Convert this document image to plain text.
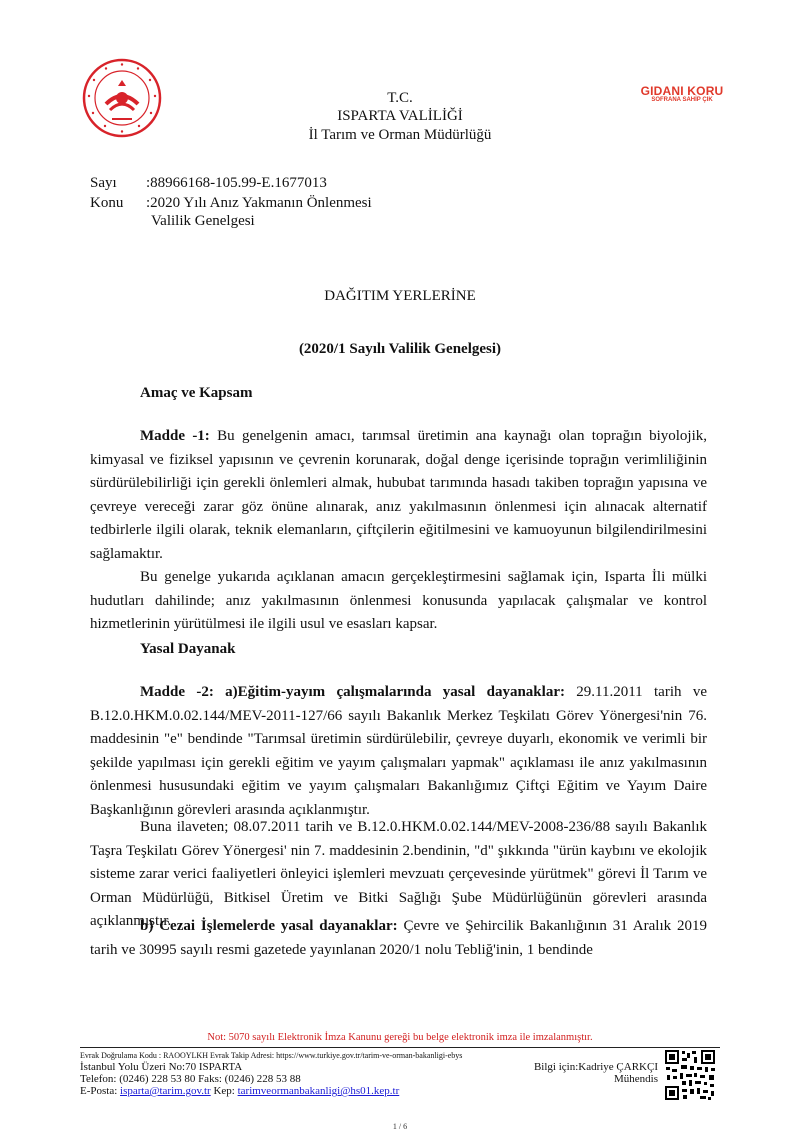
GIDANI KORU
SOFRANA SAHİP ÇIK
T.C.
ISPARTA VALİLİĞİ
İl Tarım ve Orman Müdürlüğü
Sayı :88966168-105.99-E.1677013
Konu :2020 Yılı Anız Yakmanın Önlenmesi
Valilik Genelgesi
DAĞITIM YERLERİNE
(2020/1 Sayılı Valilik Genelgesi)
Amaç ve Kapsam
Madde -1: Bu genelgenin amacı, tarımsal üretimin ana kaynağı olan toprağın biyolojik, kimyasal ve fiziksel yapısının ve çevrenin korunarak, doğal denge içerisinde toprağın verimliliğinin sürdürülebilirliği için gerekli önlemleri almak, hububat tarımında hasadı takiben toprağın yapısına ve çevreye vereceği zarar göz önüne alınarak, anız yakılmasının önlenmesi için alınacak alternatif tedbirlerle ilgili olarak, teknik elemanların, çiftçilerin eğitilmesini ve kamuoyunun bilgilendirilmesini sağlamaktır.
Bu genelge yukarıda açıklanan amacın gerçekleştirmesini sağlamak için, Isparta İli mülki hudutları dahilinde; anız yakılmasının önlenmesi konusunda yapılacak çalışmalar ve kontrol hizmetlerinin yürütülmesi ile ilgili usul ve esasları kapsar.
Yasal Dayanak
Madde -2: a)Eğitim-yayım çalışmalarında yasal dayanaklar: 29.11.2011 tarih ve B.12.0.HKM.0.02.144/MEV-2011-127/66 sayılı Bakanlık Merkez Teşkilatı Görev Yönergesi'nin 76. maddesinin "e" bendinde "Tarımsal üretimin sürdürülebilir, çevreye duyarlı, ekonomik ve verimli bir şekilde yapılması için gerekli eğitim ve yayım çalışmaları yapmak" açıklaması ile anız yakılmasının önlenmesi hususundaki eğitim ve yayım çalışmaları Bakanlığımız Çiftçi Eğitim ve Yayım Daire Başkanlığının görevleri arasında açıklanmıştır.
Buna ilaveten; 08.07.2011 tarih ve B.12.0.HKM.0.02.144/MEV-2008-236/88 sayılı Bakanlık Taşra Teşkilatı Görev Yönergesi' nin 7. maddesinin 2.bendinin, "d" şıkkında "ürün kaybını ve ekolojik sisteme zarar verici faaliyetleri önleyici işlemleri mevzuatı çerçevesinde yürütmek" görevi İl Tarım ve Orman Müdürlüğü, Bitkisel Üretim ve Bitki Sağlığı Şube Müdürlüğünün görevleri arasında açıklanmıştır.
b) Cezai İşlemelerde yasal dayanaklar: Çevre ve Şehircilik Bakanlığının 31 Aralık 2019 tarih ve 30995 sayılı resmi gazetede yayınlanan 2020/1 nolu Tebliğ'inin, 1 bendinde
Not: 5070 sayılı Elektronik İmza Kanunu gereği bu belge elektronik imza ile imzalanmıştır.
Evrak Doğrulama Kodu : RAOOYLKH Evrak Takip Adresi: https://www.turkiye.gov.tr/tarim-ve-orman-bakanligi-ebys
İstanbul Yolu Üzeri No:70 ISPARTA
Telefon: (0246) 228 53 80 Faks: (0246) 228 53 88
E-Posta: isparta@tarim.gov.tr Kep: tarimveormanbakanligi@hs01.kep.tr
Bilgi için:Kadriye ÇARKÇI
Mühendis
1 / 6
